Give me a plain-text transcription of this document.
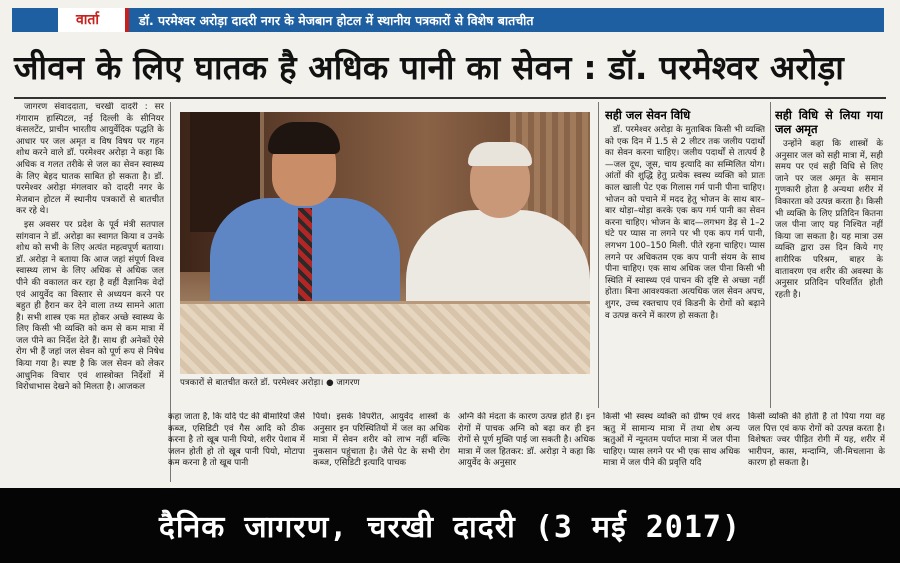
वार्ता	डॉ. परमेश्वर अरोड़ा दादरी नगर के मेजबान होटल में स्थानीय पत्रकारों से विशेष बातचीत
जीवन के लिए घातक है अधिक पानी का सेवन : डॉ. परमेश्वर अरोड़ा

जागरण संवाददाता, चरखी दादरी : सर गंगाराम हास्पिटल, नई दिल्ली के सीनियर कंसलटेंट, प्राचीन भारतीय आयुर्वेदिक पद्धति के आधार पर जल अमृत व विष विषय पर गहन शोध करने वाले डॉ. परमेश्वर अरोड़ा ने कहा कि अधिक व गलत तरीके से जल का सेवन स्वास्थ्य के लिए बेहद घातक साबित हो सकता है। डॉ. परमेश्वर अरोड़ा मंगलवार को दादरी नगर के मेजबान होटल में स्थानीय पत्रकारों से बातचीत कर रहे थे।

इस अवसर पर प्रदेश के पूर्व मंत्री सतपाल सांगवान ने डॉ. अरोड़ा का स्वागत किया व उनके शोध को सभी के लिए अत्यंत महत्वपूर्ण बताया। डॉ. अरोड़ा ने बताया कि आज जहां संपूर्ण विश्व स्वास्थ्य लाभ के लिए अधिक से अधिक जल पीने की वकालत कर रहा है वहीं वैज्ञानिक वेदों एवं आयुर्वेद का विस्तार से अध्ययन करने पर बहुत ही हैरान कर देने वाला तथ्य सामने आता है। सभी शास्त्र एक मत होकर अच्छे स्वास्थ्य के लिए किसी भी व्यक्ति को कम से कम मात्रा में जल पीने का निर्देश देते हैं। साथ ही अनेकों ऐसे रोग भी हैं जहां जल सेवन को पूर्ण रूप से निषेध किया गया है। स्पष्ट है कि जल सेवन को लेकर आधुनिक विचार एवं शास्त्रोक्त निर्देशों में विरोधाभास देखने को मिलता है। आजकल	पत्रकारों से बातचीत करते डॉ. परमेश्वर अरोड़ा। ● जागरण
सही जल सेवन विधि

डॉ. परमेश्वर अरोड़ा के मुताबिक किसी भी व्यक्ति को एक दिन में 1.5 से 2 लीटर तक जलीय पदार्थों का सेवन करना चाहिए। जलीय पदार्थों से तात्पर्य है—जल दूध, जूस, चाय इत्यादि का सम्मिलित योग। आंतों की शुद्धि हेतु प्रत्येक स्वस्थ व्यक्ति को प्रातः काल खाली पेट एक गिलास गर्म पानी पीना चाहिए। भोजन को पचाने में मदद हेतु भोजन के साथ बार–बार थोड़ा–थोड़ा करके एक कप गर्म पानी का सेवन करना चाहिए। भोजन के बाद—लगभग डेढ़ से 1–2 घंटे पर प्यास ना लगने पर भी एक कप गर्म पानी, लगभग 100–150 मिली. पीते रहना चाहिए। प्यास लगने पर अधिकतम एक कप पानी संयम के साथ पीना चाहिए। एक साथ अधिक जल पीना किसी भी स्थिति में स्वास्थ्य एवं पाचन की दृष्टि से अच्छा नहीं होता। बिना आवश्यकता अत्यधिक जल सेवन अपच, शुगर, उच्च रक्तचाप एवं किडनी के रोगों को बढ़ाने व उत्पन्न करने में कारण हो सकता है।

सही विधि से लिया गया जल अमृत

उन्होंने कहा कि शास्त्रों के अनुसार जल को सही मात्रा में, सही समय पर एवं सही विधि से लिए जाने पर जल अमृत के समान गुणकारी होता है अन्यथा शरीर में विकारता को उत्पन्न करता है। किसी भी व्यक्ति के लिए प्रतिदिन कितना जल पीना जाए यह निश्चित नहीं किया जा सकता है। यह मात्रा उस व्यक्ति द्वारा उस दिन किये गए शारीरिक परिश्रम, बाहर के वातावरण एव शरीर की अवस्था के अनुसार प्रतिदिन परिवर्तित होती रहती है।

कहा जाता है, कि यदि पेट की बीमारियों जैसे कब्ज, एसिडिटी एवं गैस आदि को ठीक करना है तो खूब पानी पियो, शरीर पेशाब में जलन होती हो तो खूब पानी पियो, मोटापा कम करना है तो खूब पानी
पियो। इसके विपरीत, आयुर्वेद शास्त्रों के अनुसार इन परिस्थितियों में जल का अधिक मात्रा में सेवन शरीर को लाभ नहीं बल्कि नुकसान पहुंचाता है। जैसे पेट के सभी रोग कब्ज, एसिडिटी इत्यादि पाचक
अग्नि की मंदता के कारण उत्पन्न होते हैं। इन रोगों में पाचक अग्नि को बढ़ा कर ही इन रोगों से पूर्ण मुक्ति पाई जा सकती है। अधिक मात्रा में जल हितकर: डॉ. अरोड़ा ने कहा कि आयुर्वेद के अनुसार
किसी भी स्वस्थ व्यक्ति को ग्रीष्म एवं शरद ऋतु में सामान्य मात्रा में तथा शेष अन्य ऋतुओं में न्यूनतम पर्याप्त मात्रा में जल पीना चाहिए। प्यास लगने पर भी एक साथ अधिक मात्रा में जल पीने की प्रवृत्ति यदि
किसी व्यक्ति की होती है तो पिया गया वह जल पित्त एवं कफ रोगों को उत्पन्न करता है। विशेषतः ज्वर पीड़ित रोगी में यह, शरीर में भारीपन, कास, मन्दाग्नि, जी-मिचलाना के कारण हो सकता है।
दैनिक जागरण, चरखी दादरी (3 मई 2017)
